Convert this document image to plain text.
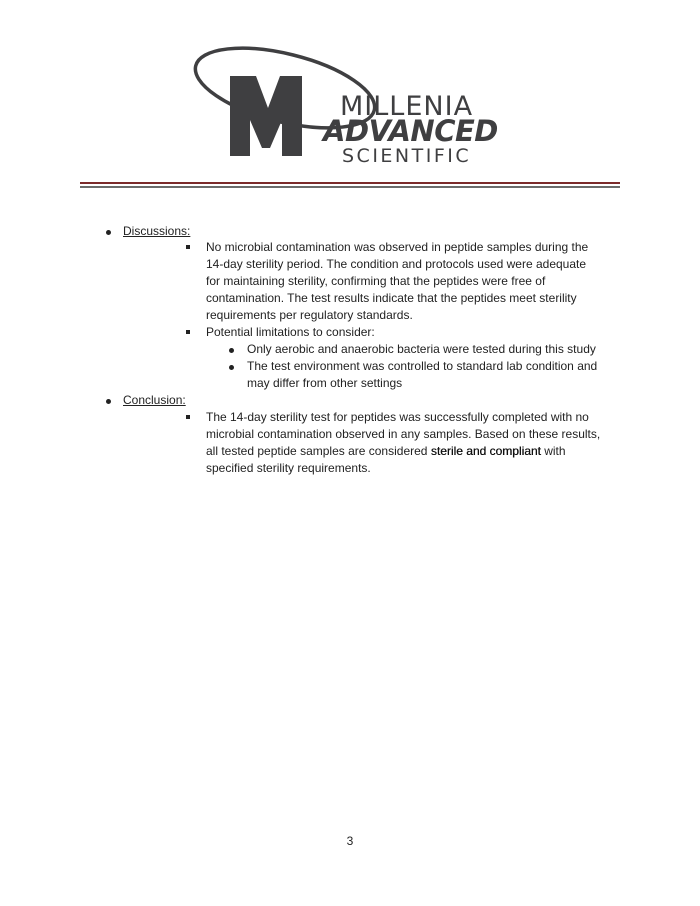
MILLENIA
ADVANCED
SCIENTIFIC
Discussions:
No microbial contamination was observed in peptide samples during the
14-day sterility period. The condition and protocols used were adequate
for maintaining sterility, confirming that the peptides were free of
contamination. The test results indicate that the peptides meet sterility
requirements per regulatory standards.
Potential limitations to consider:
Only aerobic and anaerobic bacteria were tested during this study
The test environment was controlled to standard lab condition and
may differ from other settings
Conclusion:
The 14-day sterility test for peptides was successfully completed with no
microbial contamination observed in any samples. Based on these results,
all tested peptide samples are considered sterile and compliant with
specified sterility requirements.
3
